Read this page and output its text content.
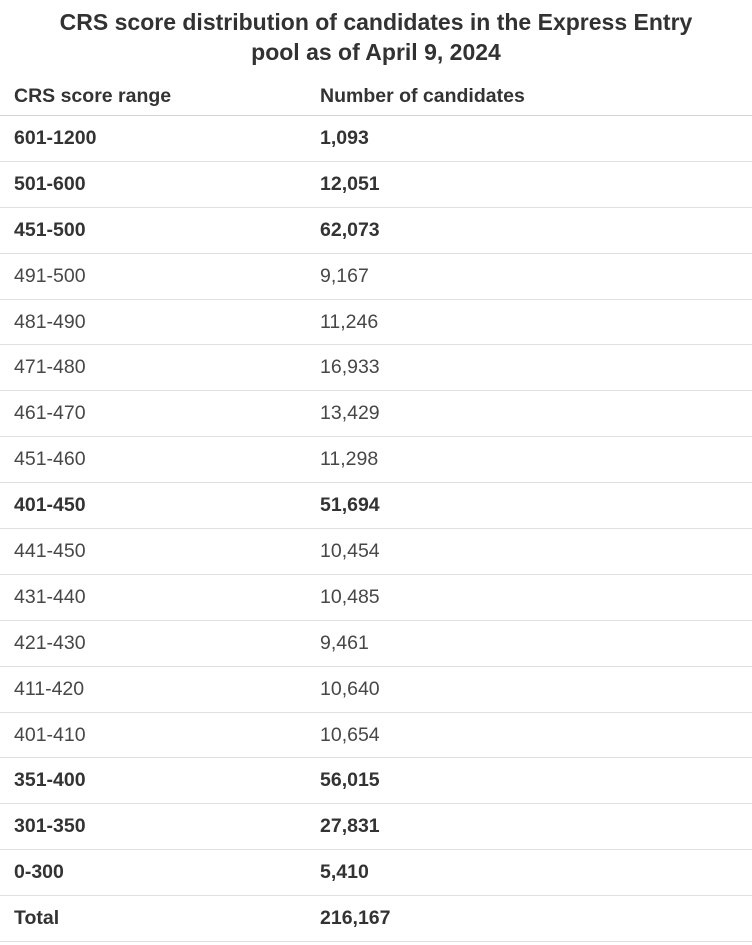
CRS score distribution of candidates in the Express Entry
pool as of April 9, 2024
CRS score range	Number of candidates
601-1200	1,093
501-600	12,051
451-500	62,073
491-500	9,167
481-490	11,246
471-480	16,933
461-470	13,429
451-460	11,298
401-450	51,694
441-450	10,454
431-440	10,485
421-430	9,461
411-420	10,640
401-410	10,654
351-400	56,015
301-350	27,831
0-300	5,410
Total	216,167
